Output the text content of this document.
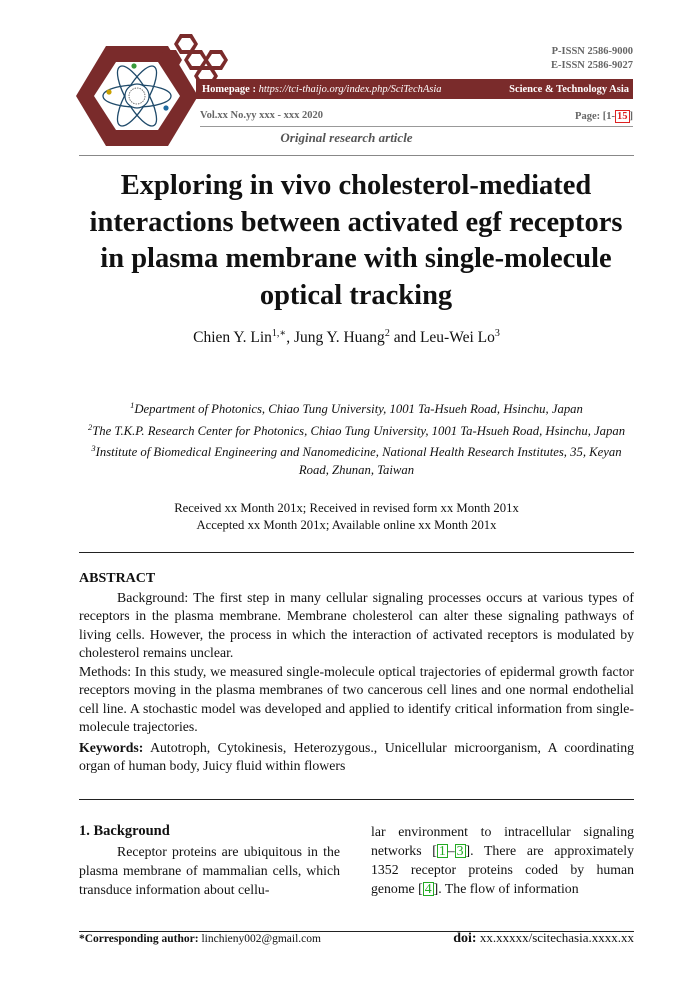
P-ISSN 2586-9000
E-ISSN 2586-9027
Homepage : https://tci-thaijo.org/index.php/SciTechAsia	Science & Technology Asia
Vol.xx No.yy xxx - xxx 2020	Page: [1- 15 ]
Original research article
Exploring in vivo cholesterol-mediated
interactions between activated egf receptors
in plasma membrane with single-molecule
optical tracking
Chien Y. Lin$^{1,∗}$, Jung Y. Huang$^2$ and Leu-Wei Lo$^3$
$^1$Department of Photonics, Chiao Tung University, 1001 Ta-Hsueh Road, Hsinchu, Japan
$^2$The T.K.P. Research Center for Photonics, Chiao Tung University, 1001 Ta-Hsueh Road, Hsinchu, Japan
$^3$Institute of Biomedical Engineering and Nanomedicine, National Health Research Institutes, 35, Keyan Road, Zhunan, Taiwan
Received xx Month 201x; Received in revised form xx Month 201x
Accepted xx Month 201x; Available online xx Month 201x
ABSTRACT

Background: The first step in many cellular signaling processes occurs at various types of receptors in the plasma membrane. Membrane cholesterol can alter these signaling pathways of living cells. However, the process in which the interaction of activated receptors is modulated by cholesterol remains unclear.

Methods: In this study, we measured single-molecule optical trajectories of epidermal growth factor receptors moving in the plasma membranes of two cancerous cell lines and one normal endothelial cell line. A stochastic model was developed and applied to identify critical information from single-molecule trajectories.

Keywords: Autotroph, Cytokinesis, Heterozygous., Unicellular microorganism, A coordinating organ of human body, Juicy fluid within flowers

1. Background

Receptor proteins are ubiquitous in the plasma membrane of mammalian cells, which transduce information about cellu-

lar environment to intracellular signaling networks [ 1 – 3 ]. There are approximately 1352 receptor proteins coded by human genome [ 4 ]. The flow of information

*Corresponding author: linchieny002@gmail.com	doi: xx.xxxxx/scitechasia.xxxx.xx
